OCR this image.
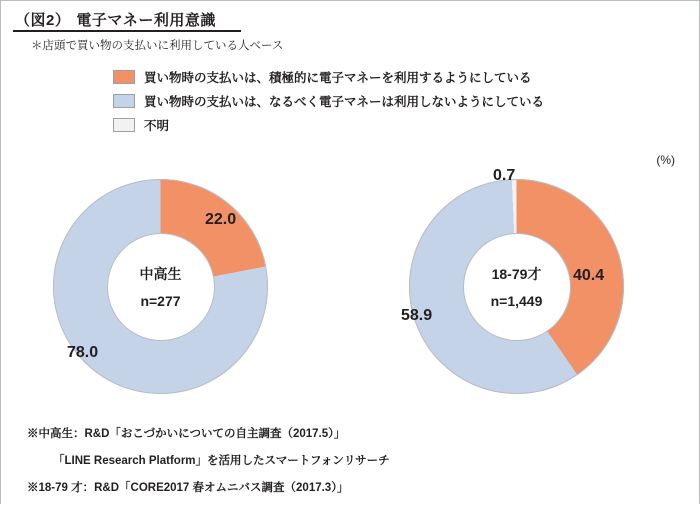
（図2） 電子マネー利用意識
＊店頭で買い物の支払いに利用している人ベース
買い物時の支払いは、積極的に電子マネーを利用するようにしている
買い物時の支払いは、なるべく電子マネーは利用しないようにしている
不明
(%)
中高生
n=277
22.0
78.0
18-79才
n=1,449
40.4
58.9
0.7
※中高生：R&D「おこづかいについての自主調査（2017.5）」
「LINE Research Platform」を活用したスマートフォンリサーチ
※18-79 才：R&D「CORE2017 春オムニバス調査（2017.3）」
